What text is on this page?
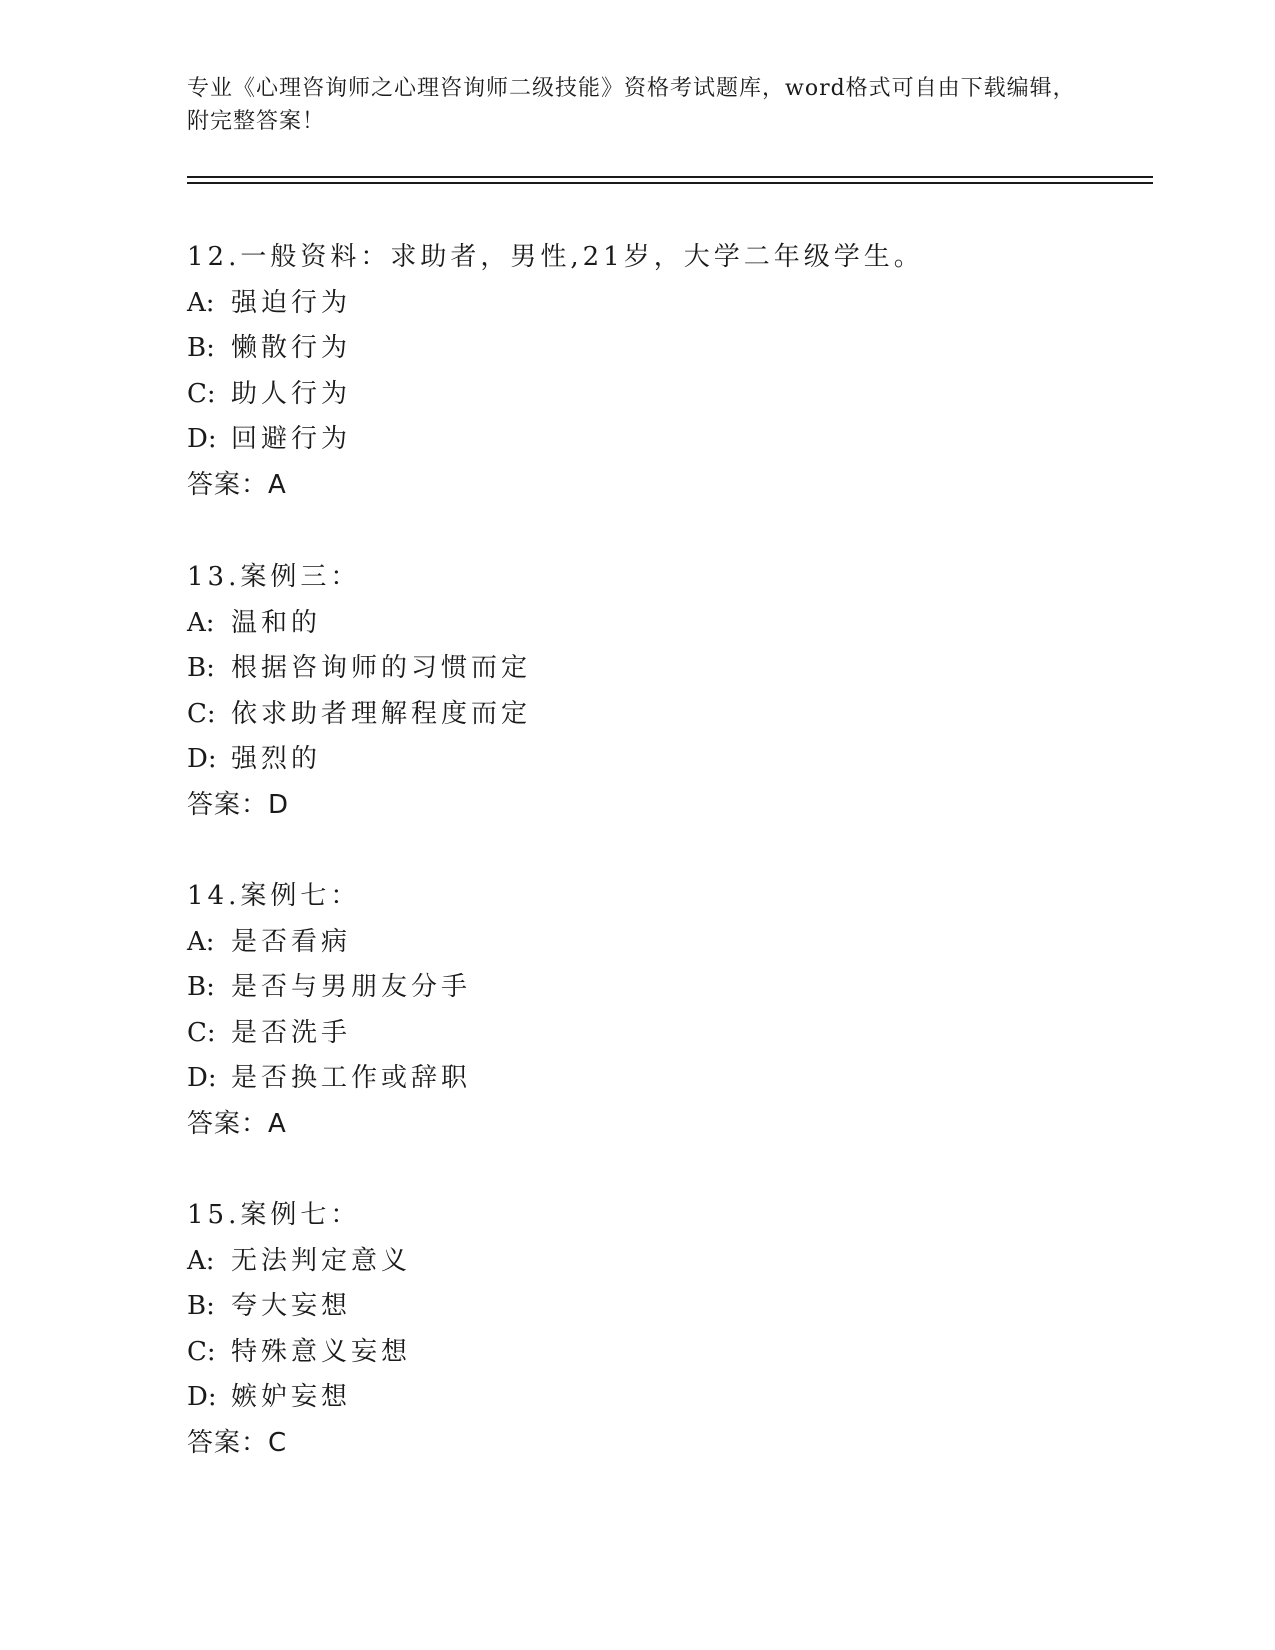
专业《心理咨询师之心理咨询师二级技能》资格考试题库，word格式可自由下载编辑，附完整答案！
12.一般资料：求助者，男性,21岁，大学二年级学生。
A: 强迫行为
B: 懒散行为
C: 助人行为
D: 回避行为
答案：A
13.案例三：
A: 温和的
B: 根据咨询师的习惯而定
C: 依求助者理解程度而定
D: 强烈的
答案：D
14.案例七：
A: 是否看病
B: 是否与男朋友分手
C: 是否洗手
D: 是否换工作或辞职
答案：A
15.案例七：
A: 无法判定意义
B: 夸大妄想
C: 特殊意义妄想
D: 嫉妒妄想
答案：C
